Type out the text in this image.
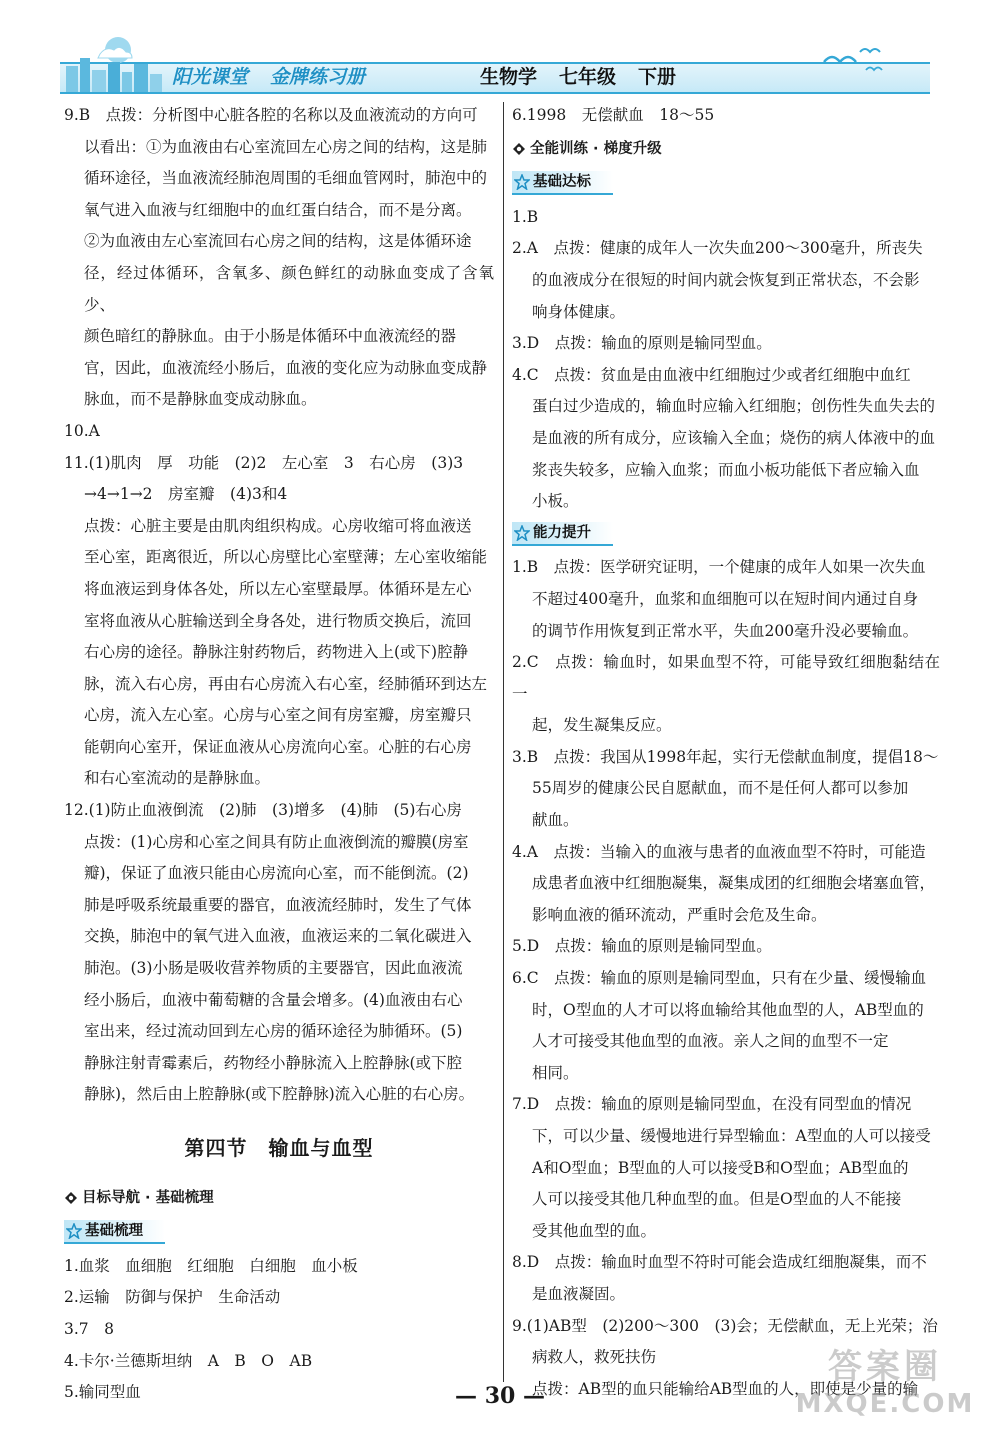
阳光课堂 金牌练习册	生物学 七年级 下册

9.B　点拨：分析图中心脏各腔的名称以及血液流动的方向可

以看出：①为血液由右心室流回左心房之间的结构，这是肺

循环途径，当血液流经肺泡周围的毛细血管网时，肺泡中的

氧气进入血液与红细胞中的血红蛋白结合，而不是分离。

②为血液由左心室流回右心房之间的结构，这是体循环途

径，经过体循环，含氧多、颜色鲜红的动脉血变成了含氧少、

颜色暗红的静脉血。由于小肠是体循环中血液流经的器

官，因此，血液流经小肠后，血液的变化应为动脉血变成静

脉血，而不是静脉血变成动脉血。

10.A

11.(1)肌肉　厚　功能　(2)2　左心室　3　右心房　(3)3

→4→1→2　房室瓣　(4)3和4

点拨：心脏主要是由肌肉组织构成。心房收缩可将血液送

至心室，距离很近，所以心房壁比心室壁薄；左心室收缩能

将血液运到身体各处，所以左心室壁最厚。体循环是左心

室将血液从心脏输送到全身各处，进行物质交换后，流回

右心房的途径。静脉注射药物后，药物进入上(或下)腔静

脉，流入右心房，再由右心房流入右心室，经肺循环到达左

心房，流入左心室。心房与心室之间有房室瓣，房室瓣只

能朝向心室开，保证血液从心房流向心室。心脏的右心房

和右心室流动的是静脉血。

12.(1)防止血液倒流　(2)肺　(3)增多　(4)肺　(5)右心房

点拨：(1)心房和心室之间具有防止血液倒流的瓣膜(房室

瓣)，保证了血液只能由心房流向心室，而不能倒流。(2)

肺是呼吸系统最重要的器官，血液流经肺时，发生了气体

交换，肺泡中的氧气进入血液，血液运来的二氧化碳进入

肺泡。(3)小肠是吸收营养物质的主要器官，因此血液流

经小肠后，血液中葡萄糖的含量会增多。(4)血液由右心

室出来，经过流动回到左心房的循环途径为肺循环。(5)

静脉注射青霉素后，药物经小静脉流入上腔静脉(或下腔

静脉)，然后由上腔静脉(或下腔静脉)流入心脏的右心房。

第四节　输血与血型
目标导航 · 基础梳理
基础梳理

1.血浆　血细胞　红细胞　白细胞　血小板

2.运输　防御与保护　生命活动

3.7　8

4.卡尔·兰德斯坦纳　A　B　O　AB

5.输同型血

6.1998　无偿献血　18～55

全能训练 · 梯度升级
基础达标

1.B

2.A　点拨：健康的成年人一次失血200～300毫升，所丧失

的血液成分在很短的时间内就会恢复到正常状态，不会影

响身体健康。

3.D　点拨：输血的原则是输同型血。

4.C　点拨：贫血是由血液中红细胞过少或者红细胞中血红

蛋白过少造成的，输血时应输入红细胞；创伤性失血失去的

是血液的所有成分，应该输入全血；烧伤的病人体液中的血

浆丧失较多，应输入血浆；而血小板功能低下者应输入血

小板。

能力提升

1.B　点拨：医学研究证明，一个健康的成年人如果一次失血

不超过400毫升，血浆和血细胞可以在短时间内通过自身

的调节作用恢复到正常水平，失血200毫升没必要输血。

2.C　点拨：输血时，如果血型不符，可能导致红细胞黏结在一

起，发生凝集反应。

3.B　点拨：我国从1998年起，实行无偿献血制度，提倡18～

55周岁的健康公民自愿献血，而不是任何人都可以参加

献血。

4.A　点拨：当输入的血液与患者的血液血型不符时，可能造

成患者血液中红细胞凝集，凝集成团的红细胞会堵塞血管，

影响血液的循环流动，严重时会危及生命。

5.D　点拨：输血的原则是输同型血。

6.C　点拨：输血的原则是输同型血，只有在少量、缓慢输血

时，O型血的人才可以将血输给其他血型的人，AB型血的

人才可接受其他血型的血液。亲人之间的血型不一定

相同。

7.D　点拨：输血的原则是输同型血，在没有同型血的情况

下，可以少量、缓慢地进行异型输血：A型血的人可以接受

A和O型血；B型血的人可以接受B和O型血；AB型血的

人可以接受其他几种血型的血。但是O型血的人不能接

受其他血型的血。

8.D　点拨：输血时血型不符时可能会造成红细胞凝集，而不

是血液凝固。

9.(1)AB型　(2)200～300　(3)会；无偿献血，无上光荣；治

病救人，救死扶伤

点拨：AB型的血只能输给AB型血的人，即使是少量的输

— 30 —
答案圈
MXQE.COM
